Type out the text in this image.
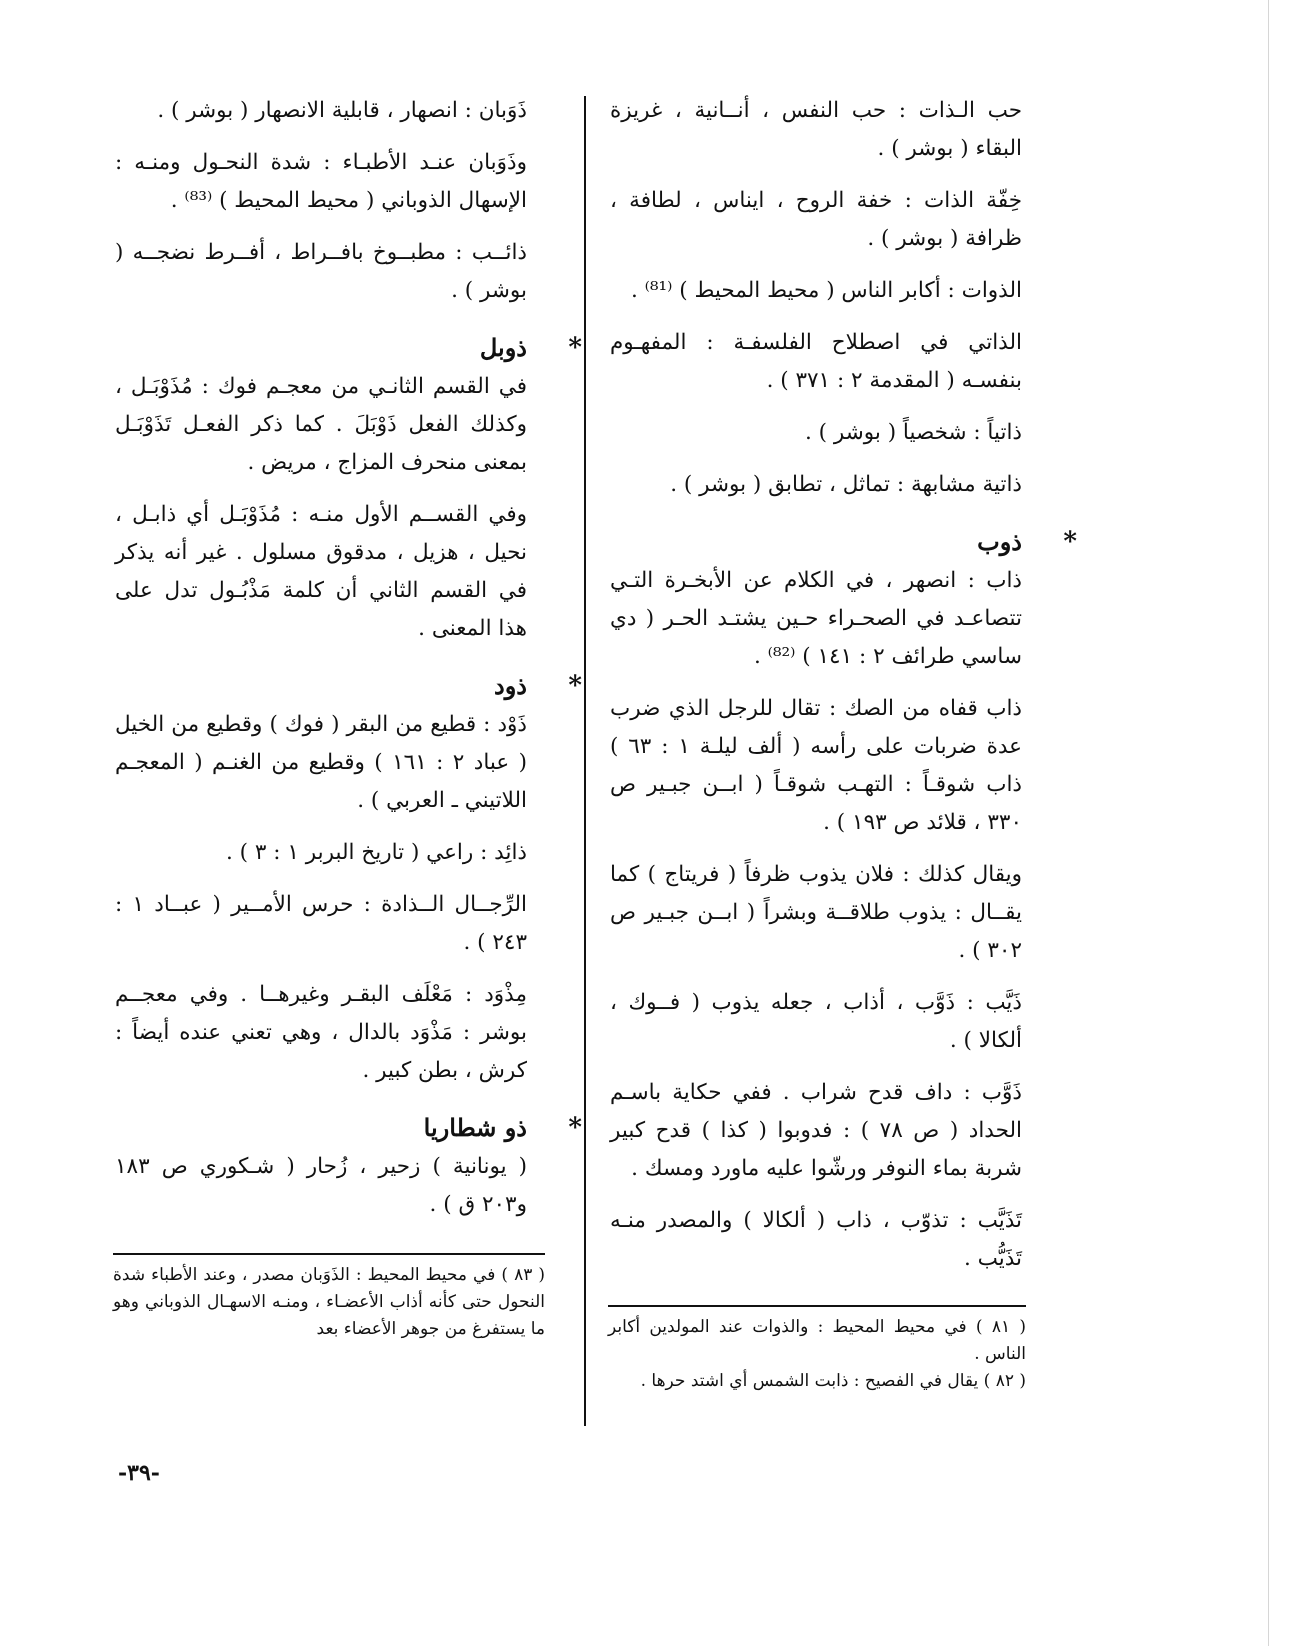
حب الـذات : حب النفس ، أنــانية ، غريزة البقاء ( بوشر ) .

خِفّة الذات : خفة الروح ، ايناس ، لطافة ، ظرافة ( بوشر ) .

الذوات : أكابر الناس ( محيط المحيط ) ⁽⁸¹⁾ .

الذاتي في اصطلاح الفلسفـة : المفهـوم بنفسـه ( المقدمة ٢ : ٣٧١ ) .

ذاتياً : شخصياً ( بوشر ) .

ذاتية مشابهة : تماثل ، تطابق ( بوشر ) .

*
ذوب

ذاب : انصهر ، في الكلام عن الأبخـرة التـي تتصاعـد في الصحـراء حـين يشتـد الحـر ( دي ساسي طرائف ٢ : ١٤١ ) ⁽⁸²⁾ .

ذاب قفاه من الصك : تقال للرجل الذي ضرب عدة ضربات على رأسه ( ألف ليلـة ١ : ٦٣ ) ذاب شوقـاً : التهـب شوقـاً ( ابــن جبـير ص ٣٣٠ ، قلائد ص ١٩٣ ) .

ويقال كذلك : فلان يذوب ظرفاً ( فريتاج ) كما يقــال : يذوب طلاقــة وبشراً ( ابــن جبـير ص ٣٠٢ ) .

ذَيَّب : ذَوَّب ، أذاب ، جعله يذوب ( فــوك ، ألكالا ) .

ذَوَّب : داف قدح شراب . ففي حكاية باسـم الحداد ( ص ٧٨ ) : فدوبوا ( كذا ) قدح كبير شربة بماء النوفر ورشّوا عليه ماورد ومسك .

تَذَيَّب : تذوّب ، ذاب ( ألكالا ) والمصدر منـه تَذَيُّب .

ذَوَبان : انصهار ، قابلية الانصهار ( بوشر ) .

وذَوَبان عنـد الأطبـاء : شدة النحـول ومنـه : الإسهال الذوباني ( محيط المحيط ) ⁽⁸³⁾ .

ذائــب : مطبــوخ بافــراط ، أفــرط نضجــه ( بوشر ) .

*
ذوبل

في القسم الثانـي من معجـم فوك : مُذَوْبَـل ، وكذلك الفعل ذَوْبَلَ . كما ذكر الفعـل تَذَوْبَـل بمعنى منحرف المزاج ، مريض .

وفي القســم الأول منـه : مُذَوْبَـل أي ذابـل ، نحيل ، هزيل ، مدقوق مسلول . غير أنه يذكر في القسم الثاني أن كلمة مَذْبُـول تدل على هذا المعنى .

*
ذود

ذَوْد : قطيع من البقر ( فوك ) وقطيع من الخيل ( عباد ٢ : ١٦١ ) وقطيع من الغنـم ( المعجـم اللاتيني ـ العربي ) .

ذائِد : راعي ( تاريخ البربر ١ : ٣ ) .

الرِّجــال الــذادة : حرس الأمــير ( عبــاد ١ : ٢٤٣ ) .

مِذْوَد : مَعْلَف البقـر وغيرهــا . وفي معجــم بوشر : مَذْوَد بالدال ، وهي تعني عنده أيضاً : كرش ، بطن كبير .

*
ذو شطاريا

( يونانية ) زحير ، زُحار ( شـكوري ص ١٨٣ و٢٠٣ ق ) .

( ٨٣ ) في محيط المحيط : الذَوَبان مصدر ، وعند الأطباء شدة النحول حتى كأنه أذاب الأعضـاء ، ومنـه الاسهـال الذوباني وهو ما يستفرغ من جوهر الأعضاء بعد	( ٨١ ) في محيط المحيط : والذوات عند المولدين أكابر الناس .

( ٨٢ ) يقال في الفصيح : ذابت الشمس أي اشتد حرها .

-٣٩-
